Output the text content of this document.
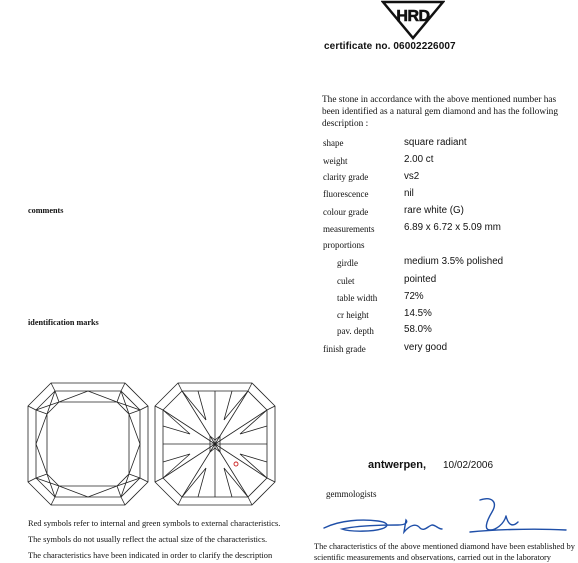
HRD
certificate no. 06002226007
The stone in accordance with the above mentioned number has been identified as a natural gem diamond and has the following description :
shape	square radiant
weight	2.00 ct
clarity grade	vs2
fluorescence	nil
colour grade	rare white (G)
measurements	6.89 x 6.72 x 5.09 mm
proportions
girdle	medium 3.5% polished
culet	pointed
table width	72%
cr height	14.5%
pav. depth	58.0%
finish grade	very good
comments
identification marks
Red symbols refer to internal and green symbols to external characteristics.
The symbols do not usually reflect the actual size of the characteristics.
The characteristics have been indicated in order to clarify the description
antwerpen, 10/02/2006
gemmologists
The characteristics of the above mentioned diamond have been established by scientific measurements and observations, carried out in the laboratory
